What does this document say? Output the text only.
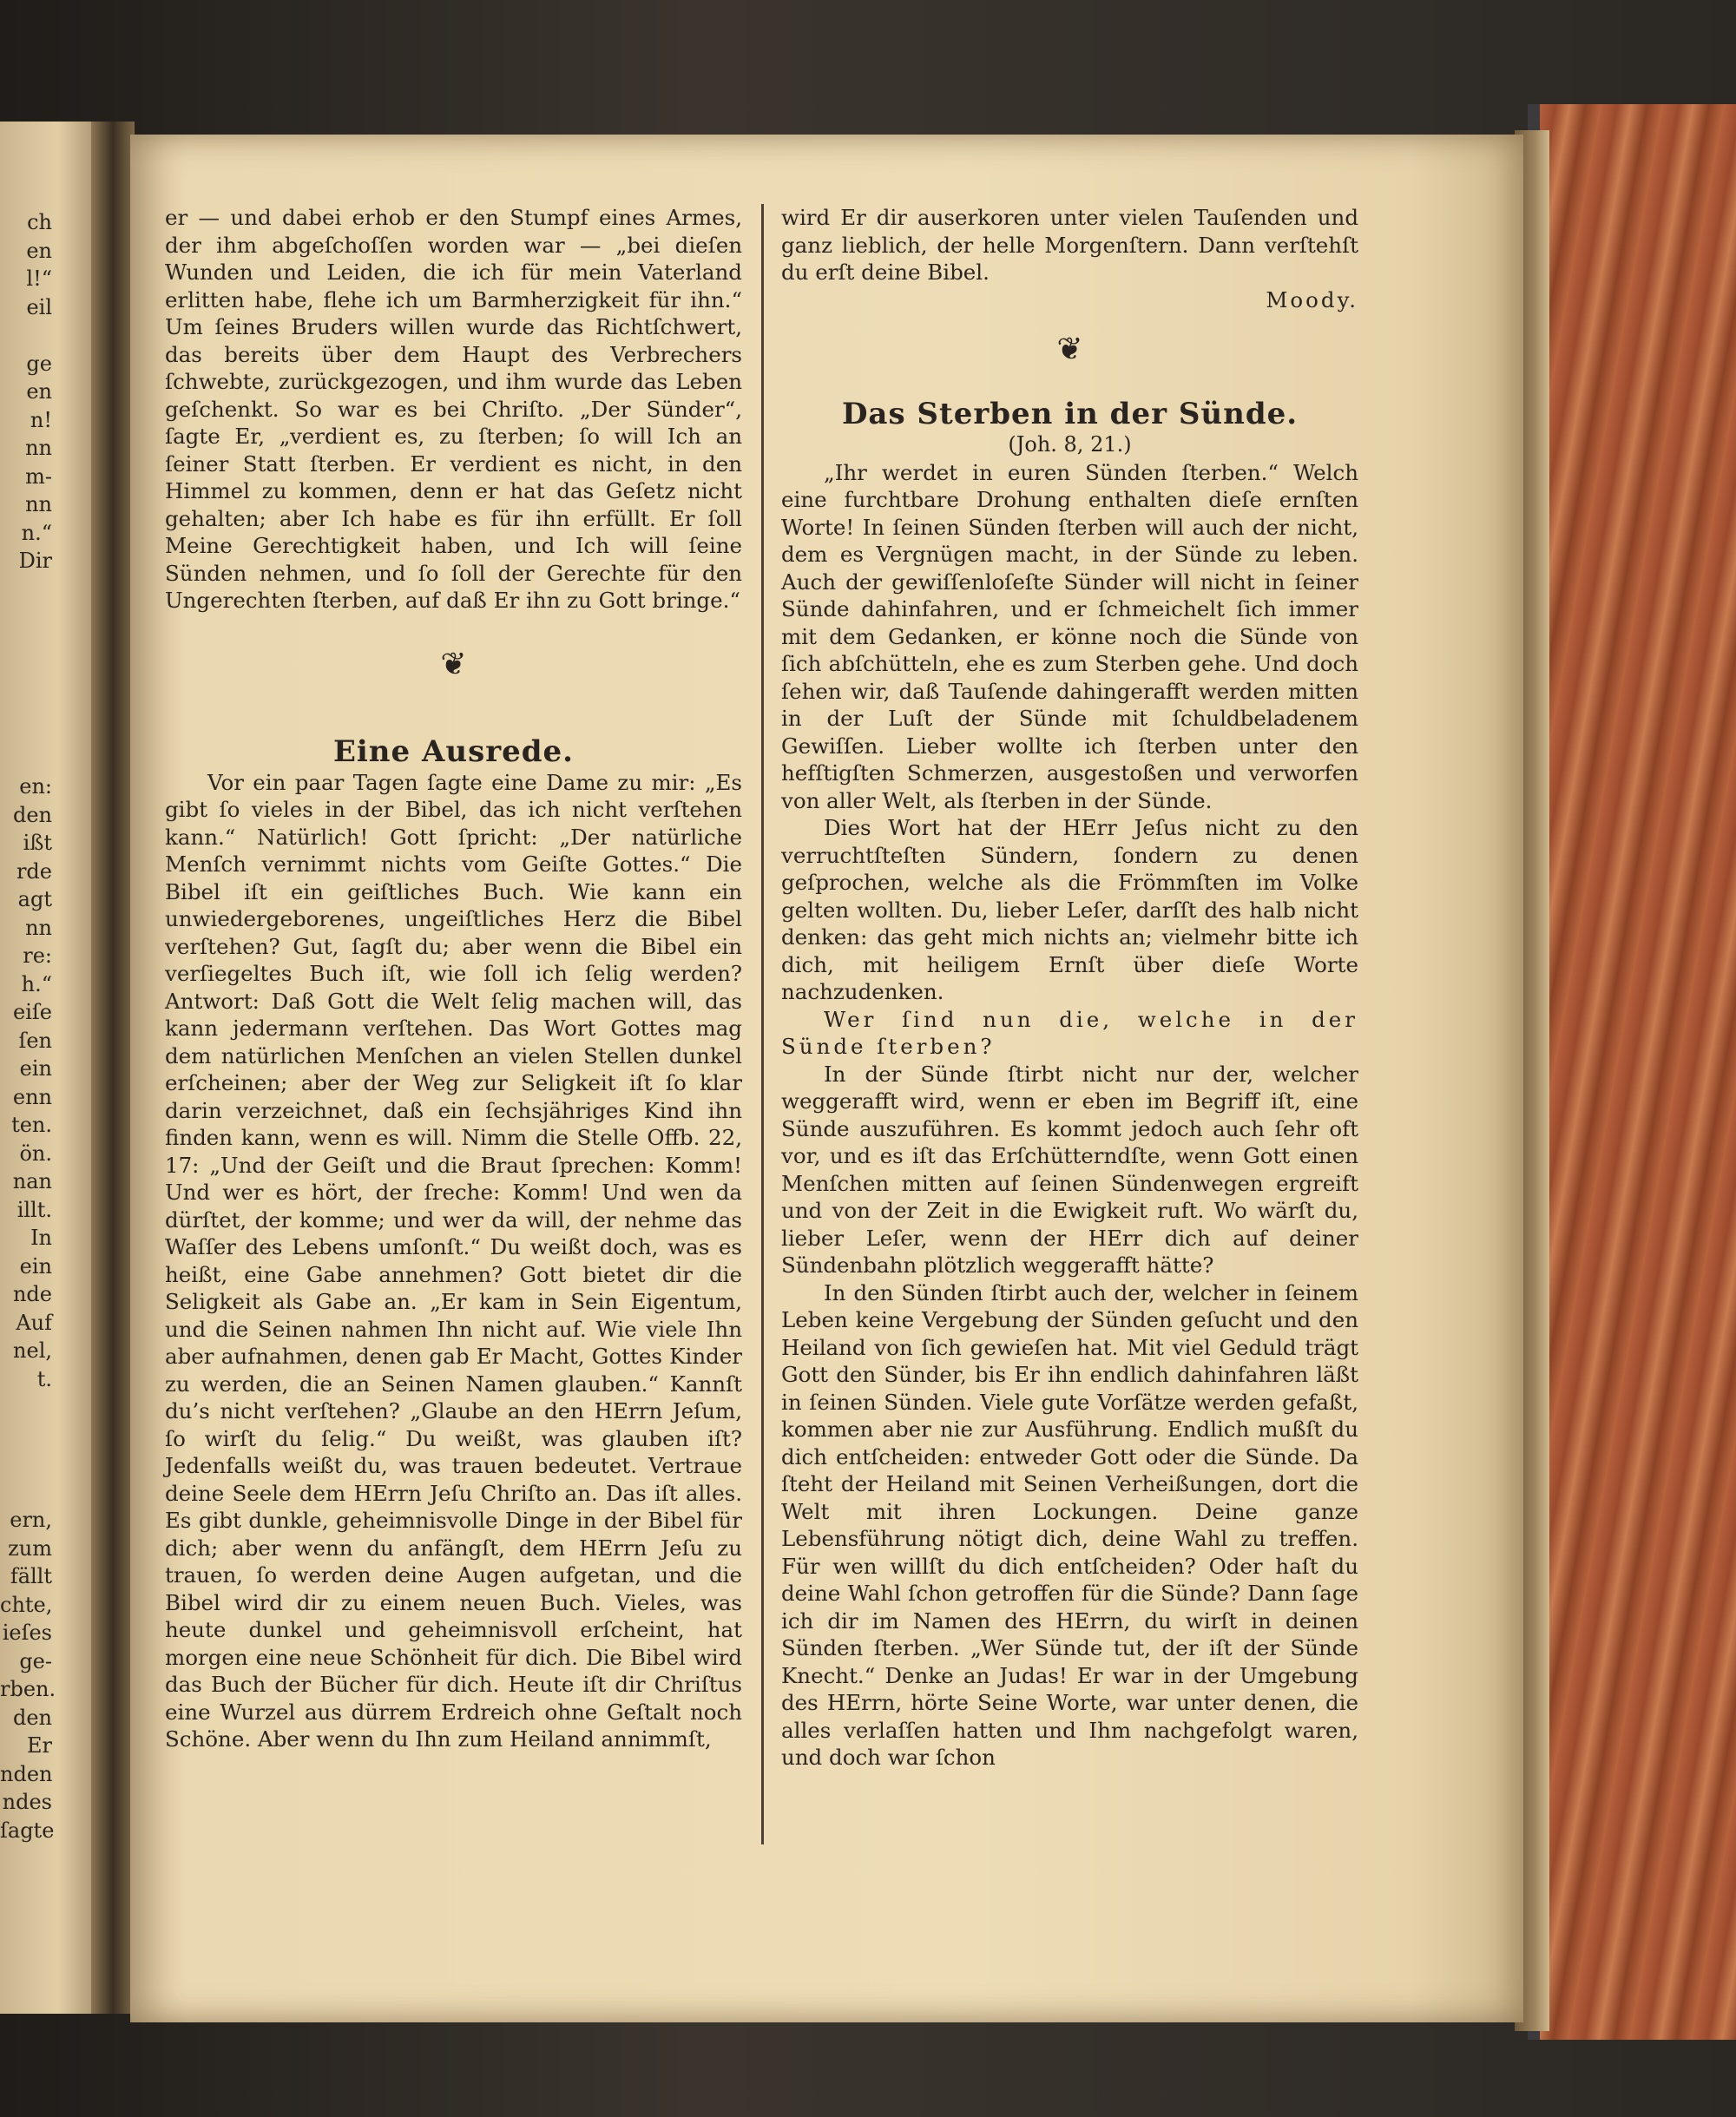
ch
en
l!“
eil

ge
en
n!
nn
m-
nn
n.“
Dir

en:
den
ißt
rde
agt
nn
re:
h.“
eiſe
ſen
ein
enn
ten.
ön.
nan
illt.
In
ein
nde
Auf
nel,
t.

ern,
zum
fällt
chte,
ieſes
ge-
rben.
den
Er
nden
ndes
ſagte

er — und dabei erhob er den Stumpf eines Armes, der ihm abgeſchoſſen worden war — „bei dieſen Wunden und Leiden, die ich für mein Vaterland erlitten habe, flehe ich um Barmherzigkeit für ihn.“ Um ſeines Bruders willen wurde das Richtſchwert, das bereits über dem Haupt des Verbrechers ſchwebte, zurückgezogen, und ihm wurde das Leben geſchenkt. So war es bei Chriſto. „Der Sünder“, ſagte Er, „verdient es, zu ſterben; ſo will Ich an ſeiner Statt ſterben. Er verdient es nicht, in den Himmel zu kommen, denn er hat das Geſetz nicht gehalten; aber Ich habe es für ihn erfüllt. Er ſoll Meine Gerechtigkeit haben, und Ich will ſeine Sünden nehmen, und ſo ſoll der Gerechte für den Ungerechten ſterben, auf daß Er ihn zu Gott bringe.“

❦

Eine Ausrede.

Vor ein paar Tagen ſagte eine Dame zu mir: „Es gibt ſo vieles in der Bibel, das ich nicht verſtehen kann.“ Natürlich! Gott ſpricht: „Der natürliche Menſch vernimmt nichts vom Geiſte Gottes.“ Die Bibel iſt ein geiſtliches Buch. Wie kann ein unwiedergeborenes, ungeiſtliches Herz die Bibel verſtehen? Gut, ſagſt du; aber wenn die Bibel ein verſiegeltes Buch iſt, wie ſoll ich ſelig werden? Antwort: Daß Gott die Welt ſelig machen will, das kann jedermann verſtehen. Das Wort Gottes mag dem natürlichen Menſchen an vielen Stellen dunkel erſcheinen; aber der Weg zur Seligkeit iſt ſo klar darin verzeichnet, daß ein ſechsjähriges Kind ihn finden kann, wenn es will. Nimm die Stelle Offb. 22, 17: „Und der Geiſt und die Braut ſprechen: Komm! Und wer es hört, der ſreche: Komm! Und wen da dürſtet, der komme; und wer da will, der nehme das Waſſer des Lebens umſonſt.“ Du weißt doch, was es heißt, eine Gabe annehmen? Gott bietet dir die Seligkeit als Gabe an. „Er kam in Sein Eigentum, und die Seinen nahmen Ihn nicht auf. Wie viele Ihn aber aufnahmen, denen gab Er Macht, Gottes Kinder zu werden, die an Seinen Namen glauben.“ Kannſt du’s nicht verſtehen? „Glaube an den HErrn Jeſum, ſo wirſt du ſelig.“ Du weißt, was glauben iſt? Jedenfalls weißt du, was trauen bedeutet. Vertraue deine Seele dem HErrn Jeſu Chriſto an. Das iſt alles. Es gibt dunkle, geheimnisvolle Dinge in der Bibel für dich; aber wenn du anfängſt, dem HErrn Jeſu zu trauen, ſo werden deine Augen aufgetan, und die Bibel wird dir zu einem neuen Buch. Vieles, was heute dunkel und geheimnisvoll erſcheint, hat morgen eine neue Schönheit für dich. Die Bibel wird das Buch der Bücher für dich. Heute iſt dir Chriſtus eine Wurzel aus dürrem Erdreich ohne Geſtalt noch Schöne. Aber wenn du Ihn zum Heiland annimmſt,

wird Er dir auserkoren unter vielen Tauſenden und ganz lieblich, der helle Morgenſtern. Dann verſtehſt du erſt deine Bibel.

Moody.

❦

Das Sterben in der Sünde.

(Joh. 8, 21.)

„Ihr werdet in euren Sünden ſterben.“ Welch eine furchtbare Drohung enthalten dieſe ernſten Worte! In ſeinen Sünden ſterben will auch der nicht, dem es Vergnügen macht, in der Sünde zu leben. Auch der gewiſſenloſeſte Sünder will nicht in ſeiner Sünde dahinfahren, und er ſchmeichelt ſich immer mit dem Gedanken, er könne noch die Sünde von ſich abſchütteln, ehe es zum Sterben gehe. Und doch ſehen wir, daß Tauſende dahingerafft werden mitten in der Luſt der Sünde mit ſchuldbeladenem Gewiſſen. Lieber wollte ich ſterben unter den hefſtigſten Schmerzen, ausgestoßen und verworfen von aller Welt, als ſterben in der Sünde.

Dies Wort hat der HErr Jeſus nicht zu den verruchtſteſten Sündern, ſondern zu denen geſprochen, welche als die Frömmſten im Volke gelten wollten. Du, lieber Leſer, darſſt des halb nicht denken: das geht mich nichts an; vielmehr bitte ich dich, mit heiligem Ernſt über dieſe Worte nachzudenken.

Wer ſind nun die, welche in der Sünde ſterben?

In der Sünde ſtirbt nicht nur der, welcher weggerafft wird, wenn er eben im Begriff iſt, eine Sünde auszuführen. Es kommt jedoch auch ſehr oft vor, und es iſt das Erſchütterndſte, wenn Gott einen Menſchen mitten auf ſeinen Sündenwegen ergreift und von der Zeit in die Ewigkeit ruft. Wo wärſt du, lieber Leſer, wenn der HErr dich auf deiner Sündenbahn plötzlich weggerafft hätte?

In den Sünden ſtirbt auch der, welcher in ſeinem Leben keine Vergebung der Sünden geſucht und den Heiland von ſich gewieſen hat. Mit viel Geduld trägt Gott den Sünder, bis Er ihn endlich dahinfahren läßt in ſeinen Sünden. Viele gute Vorſätze werden gefaßt, kommen aber nie zur Ausführung. Endlich mußſt du dich entſcheiden: entweder Gott oder die Sünde. Da ſteht der Heiland mit Seinen Verheißungen, dort die Welt mit ihren Lockungen. Deine ganze Lebensführung nötigt dich, deine Wahl zu treffen. Für wen willſt du dich entſcheiden? Oder haſt du deine Wahl ſchon getroffen für die Sünde? Dann ſage ich dir im Namen des HErrn, du wirſt in deinen Sünden ſterben. „Wer Sünde tut, der iſt der Sünde Knecht.“ Denke an Judas! Er war in der Umgebung des HErrn, hörte Seine Worte, war unter denen, die alles verlaſſen hatten und Ihm nachgefolgt waren, und doch war ſchon
